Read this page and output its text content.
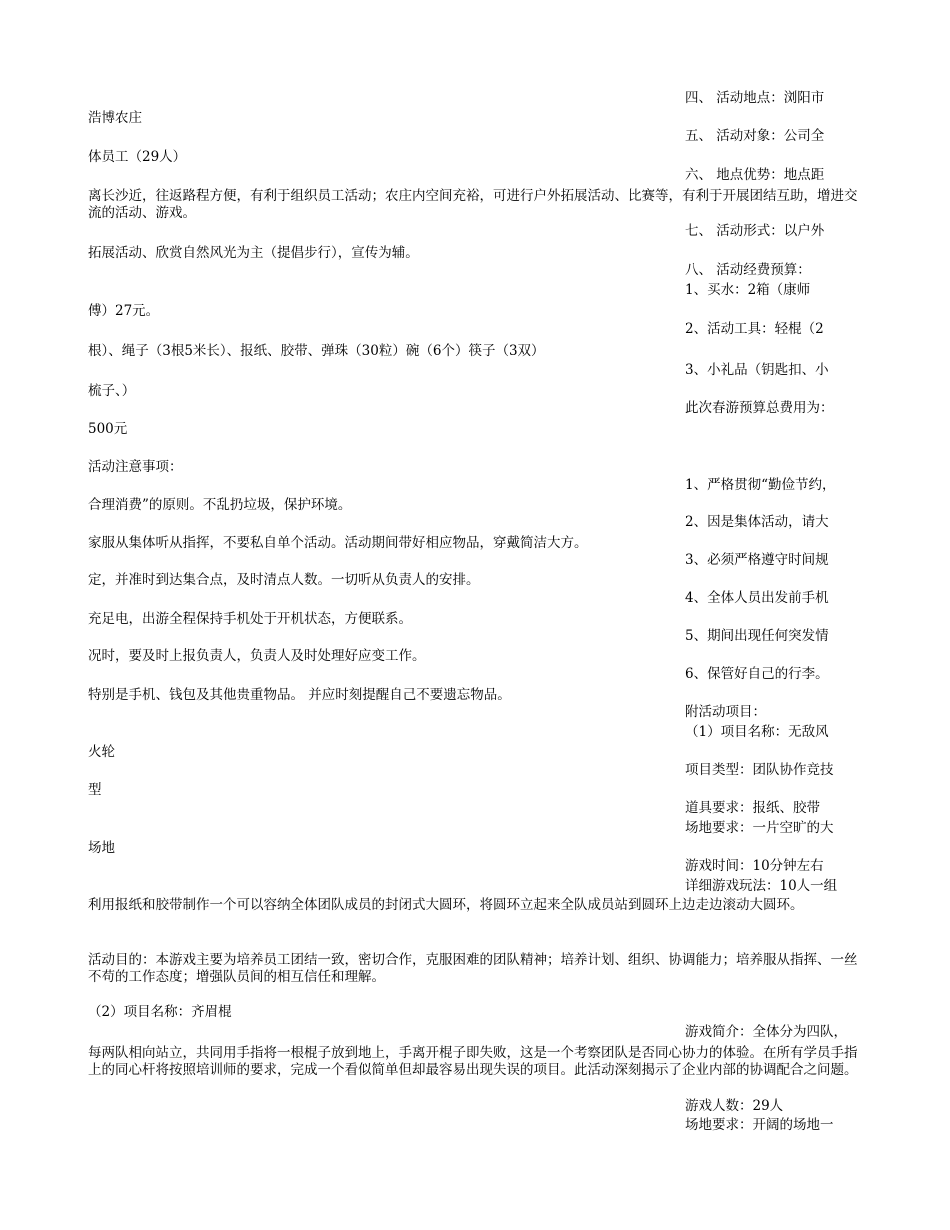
四、 活动地点：浏阳市
五、 活动对象：公司全
六、 地点优势：地点距
七、 活动形式：以户外
八、 活动经费预算：
1、买水：2箱（康师
2、活动工具：轻棍（2
3、小礼品（钥匙扣、小
此次春游预算总费用为：
1、严格贯彻“勤俭节约，
2、因是集体活动，请大
3、必须严格遵守时间规
4、全体人员出发前手机
5、期间出现任何突发情
6、保管好自己的行李。
附活动项目：
（1）项目名称：无敌风
项目类型：团队协作竞技
道具要求：报纸、胶带
场地要求：一片空旷的大
游戏时间：10分钟左右
详细游戏玩法：10人一组
游戏简介：全体分为四队，
游戏人数：29人
场地要求：开阔的场地一
浩博农庄
体员工（29人）
离长沙近，往返路程方便，有利于组织员工活动；农庄内空间充裕，可进行户外拓展活动、比赛等，有利于开展团结互助，增进交流的活动、游戏。
拓展活动、欣赏自然风光为主（提倡步行），宣传为辅。
傅）27元。
根）、绳子（3根5米长）、报纸、胶带、弹珠（30粒）碗（6个）筷子（3双）
梳子、）
500元
活动注意事项：
合理消费”的原则。不乱扔垃圾，保护环境。
家服从集体听从指挥，不要私自单个活动。活动期间带好相应物品，穿戴简洁大方。
定，并准时到达集合点，及时清点人数。一切听从负责人的安排。
充足电，出游全程保持手机处于开机状态，方便联系。
况时，要及时上报负责人，负责人及时处理好应变工作。
特别是手机、钱包及其他贵重物品。 并应时刻提醒自己不要遗忘物品。
火轮
型
场地
利用报纸和胶带制作一个可以容纳全体团队成员的封闭式大圆环，将圆环立起来全队成员站到圆环上边走边滚动大圆环。
活动目的：本游戏主要为培养员工团结一致，密切合作，克服困难的团队精神；培养计划、组织、协调能力；培养服从指挥、一丝不苟的工作态度；增强队员间的相互信任和理解。
（2）项目名称：齐眉棍
每两队相向站立，共同用手指将一根棍子放到地上，手离开棍子即失败，这是一个考察团队是否同心协力的体验。在所有学员手指上的同心杆将按照培训师的要求，完成一个看似简单但却最容易出现失误的项目。此活动深刻揭示了企业内部的协调配合之问题。
